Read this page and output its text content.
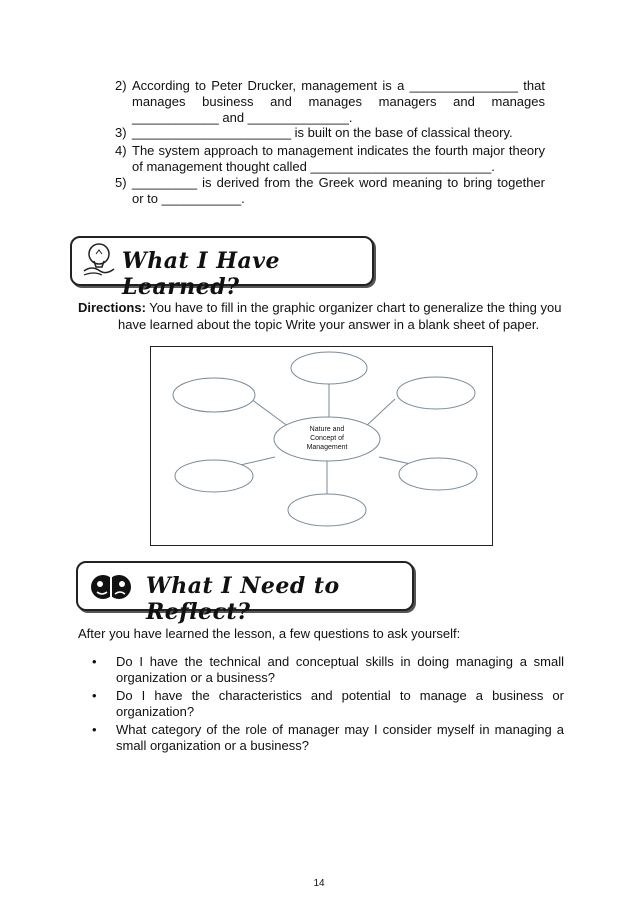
2) According to Peter Drucker, management is a _______________ that manages business and manages managers and manages ____________ and ______________.
3) ______________________ is built on the base of classical theory.
4) The system approach to management indicates the fourth major theory of management thought called _________________________.
5) _________ is derived from the Greek word meaning to bring together or to ___________.
What I Have Learned?
Directions: You have to fill in the graphic organizer chart to generalize the thing you
have learned about the topic Write your answer in a blank sheet of paper.
Nature and
Concept of
Management
What I Need to Reflect?
After you have learned the lesson, a few questions to ask yourself:
• Do I have the technical and conceptual skills in doing managing a small organization or a business?
• Do I have the characteristics and potential to manage a business or organization?
• What category of the role of manager may I consider myself in managing a small organization or a business?
14
